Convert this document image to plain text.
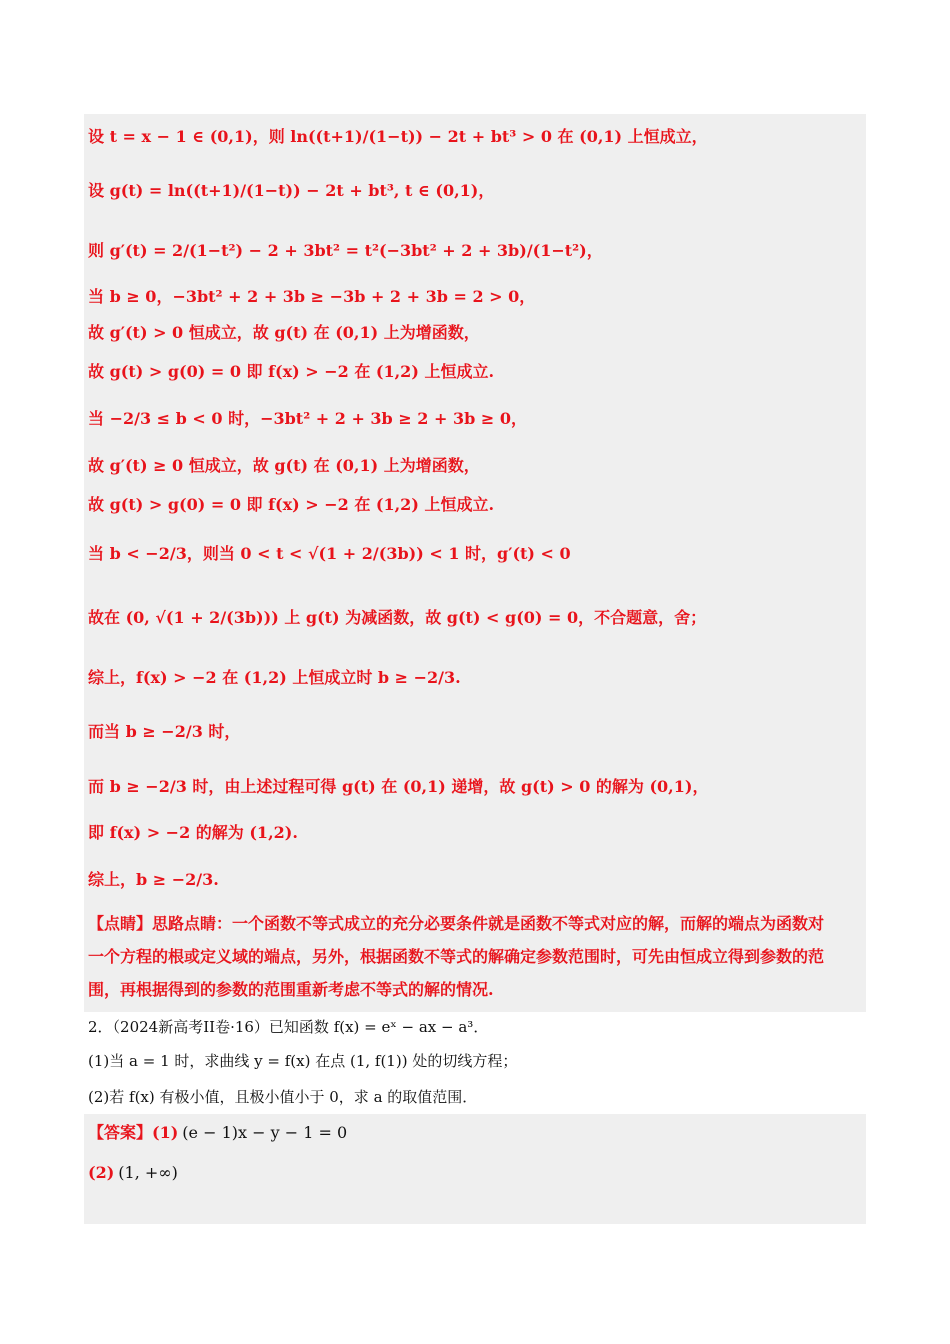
设 t = x − 1 ∈ (0,1)，则 ln((t+1)/(1−t)) − 2t + bt³ > 0 在 (0,1) 上恒成立，
设 g(t) = ln((t+1)/(1−t)) − 2t + bt³, t ∈ (0,1)，
则 g′(t) = 2/(1−t²) − 2 + 3bt² = t²(−3bt² + 2 + 3b)/(1−t²)，
当 b ≥ 0，−3bt² + 2 + 3b ≥ −3b + 2 + 3b = 2 > 0，
故 g′(t) > 0 恒成立，故 g(t) 在 (0,1) 上为增函数，
故 g(t) > g(0) = 0 即 f(x) > −2 在 (1,2) 上恒成立.
当 −2/3 ≤ b < 0 时，−3bt² + 2 + 3b ≥ 2 + 3b ≥ 0，
故 g′(t) ≥ 0 恒成立，故 g(t) 在 (0,1) 上为增函数，
故 g(t) > g(0) = 0 即 f(x) > −2 在 (1,2) 上恒成立.
当 b < −2/3，则当 0 < t < √(1 + 2/(3b)) < 1 时，g′(t) < 0
故在 (0, √(1 + 2/(3b))) 上 g(t) 为减函数，故 g(t) < g(0) = 0，不合题意，舍；
综上，f(x) > −2 在 (1,2) 上恒成立时 b ≥ −2/3.
而当 b ≥ −2/3 时，
而 b ≥ −2/3 时，由上述过程可得 g(t) 在 (0,1) 递增，故 g(t) > 0 的解为 (0,1)，
即 f(x) > −2 的解为 (1,2).
综上，b ≥ −2/3.
【点睛】思路点睛：一个函数不等式成立的充分必要条件就是函数不等式对应的解，而解的端点为函数对
一个方程的根或定义域的端点，另外，根据函数不等式的解确定参数范围时，可先由恒成立得到参数的范
围，再根据得到的参数的范围重新考虑不等式的解的情况.
2．（2024新高考II卷·16）已知函数 f(x) = eˣ − ax − a³．
(1)当 a = 1 时，求曲线 y = f(x) 在点 (1, f(1)) 处的切线方程；
(2)若 f(x) 有极小值，且极小值小于 0，求 a 的取值范围．
【答案】(1) (e − 1)x − y − 1 = 0
(2) (1, +∞)
